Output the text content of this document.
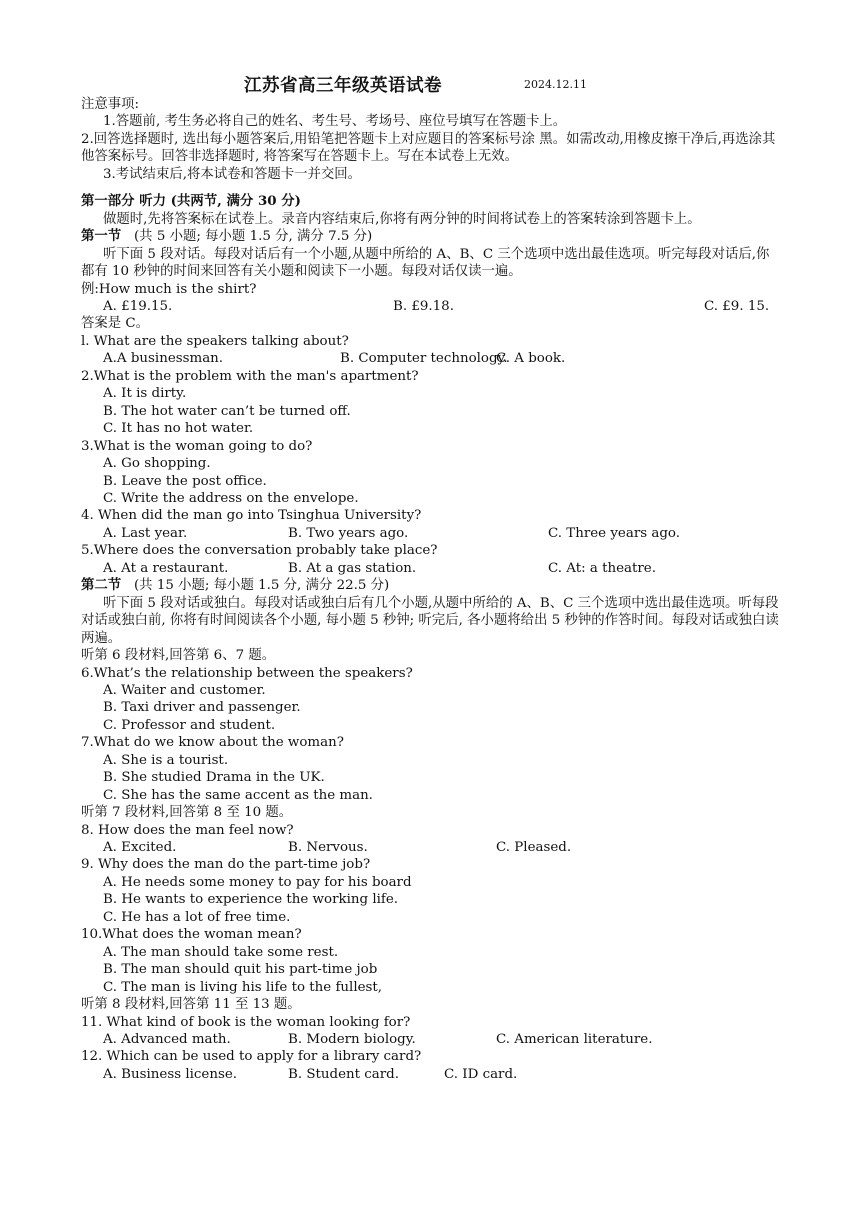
江苏省高三年级英语试卷	2024.12.11
注意事项:
1.答题前, 考生务必将自己的姓名、考生号、考场号、座位号填写在答题卡上。
2.回答选择题时, 选出每小题答案后,用铅笔把答题卡上对应题目的答案标号涂 黑。如需改动,用橡皮擦干净后,再选涂其他答案标号。回答非选择题时, 将答案写在答题卡上。写在本试卷上无效。
3.考试结束后,将本试卷和答题卡一并交回。
第一部分 听力 (共两节, 满分 30 分)
做题时,先将答案标在试卷上。录音内容结束后,你将有两分钟的时间将试卷上的答案转涂到答题卡上。
第一节 (共 5 小题; 每小题 1.5 分, 满分 7.5 分)
听下面 5 段对话。每段对话后有一个小题,从题中所给的 A、B、C 三个选项中选出最佳选项。听完每段对话后,你都有 10 秒钟的时间来回答有关小题和阅读下一小题。每段对话仅读一遍。
例:How much is the shirt?
A. £19.15.	B. £9.18.	C. £9. 15.
答案是 C。
l. What are the speakers talking about?
A.A businessman.	B. Computer technology.
C. A book.
2.What is the problem with the man's apartment?
A. It is dirty.
B. The hot water can’t be turned off.
C. It has no hot water.
3.What is the woman going to do?
A. Go shopping.
B. Leave the post office.
C. Write the address on the envelope.
4. When did the man go into Tsinghua University?
A. Last year.	B. Two years ago.	C. Three years ago.
5.Where does the conversation probably take place?
A. At a restaurant.	B. At a gas station.	C. At: a theatre.
第二节 (共 15 小题; 每小题 1.5 分, 满分 22.5 分)
听下面 5 段对话或独白。每段对话或独白后有几个小题,从题中所给的 A、B、C 三个选项中选出最佳选项。听每段对话或独白前, 你将有时间阅读各个小题, 每小题 5 秒钟; 听完后, 各小题将给出 5 秒钟的作答时间。每段对话或独白读两遍。
听第 6 段材料,回答第 6、7 题。
6.What’s the relationship between the speakers?
A. Waiter and customer.
B. Taxi driver and passenger.
C. Professor and student.
7.What do we know about the woman?
A. She is a tourist.
B. She studied Drama in the UK.
C. She has the same accent as the man.
听第 7 段材料,回答第 8 至 10 题。
8. How does the man feel now?
A. Excited.	B. Nervous.	C. Pleased.
9. Why does the man do the part-time job?
A. He needs some money to pay for his board
B. He wants to experience the working life.
C. He has a lot of free time.
10.What does the woman mean?
A. The man should take some rest.
B. The man should quit his part-time job
C. The man is living his life to the fullest,
听第 8 段材料,回答第 11 至 13 题。
11. What kind of book is the woman looking for?
A. Advanced math.	B. Modern biology.	C. American literature.
12. Which can be used to apply for a library card?
A. Business license.	B. Student card.	C. ID card.
